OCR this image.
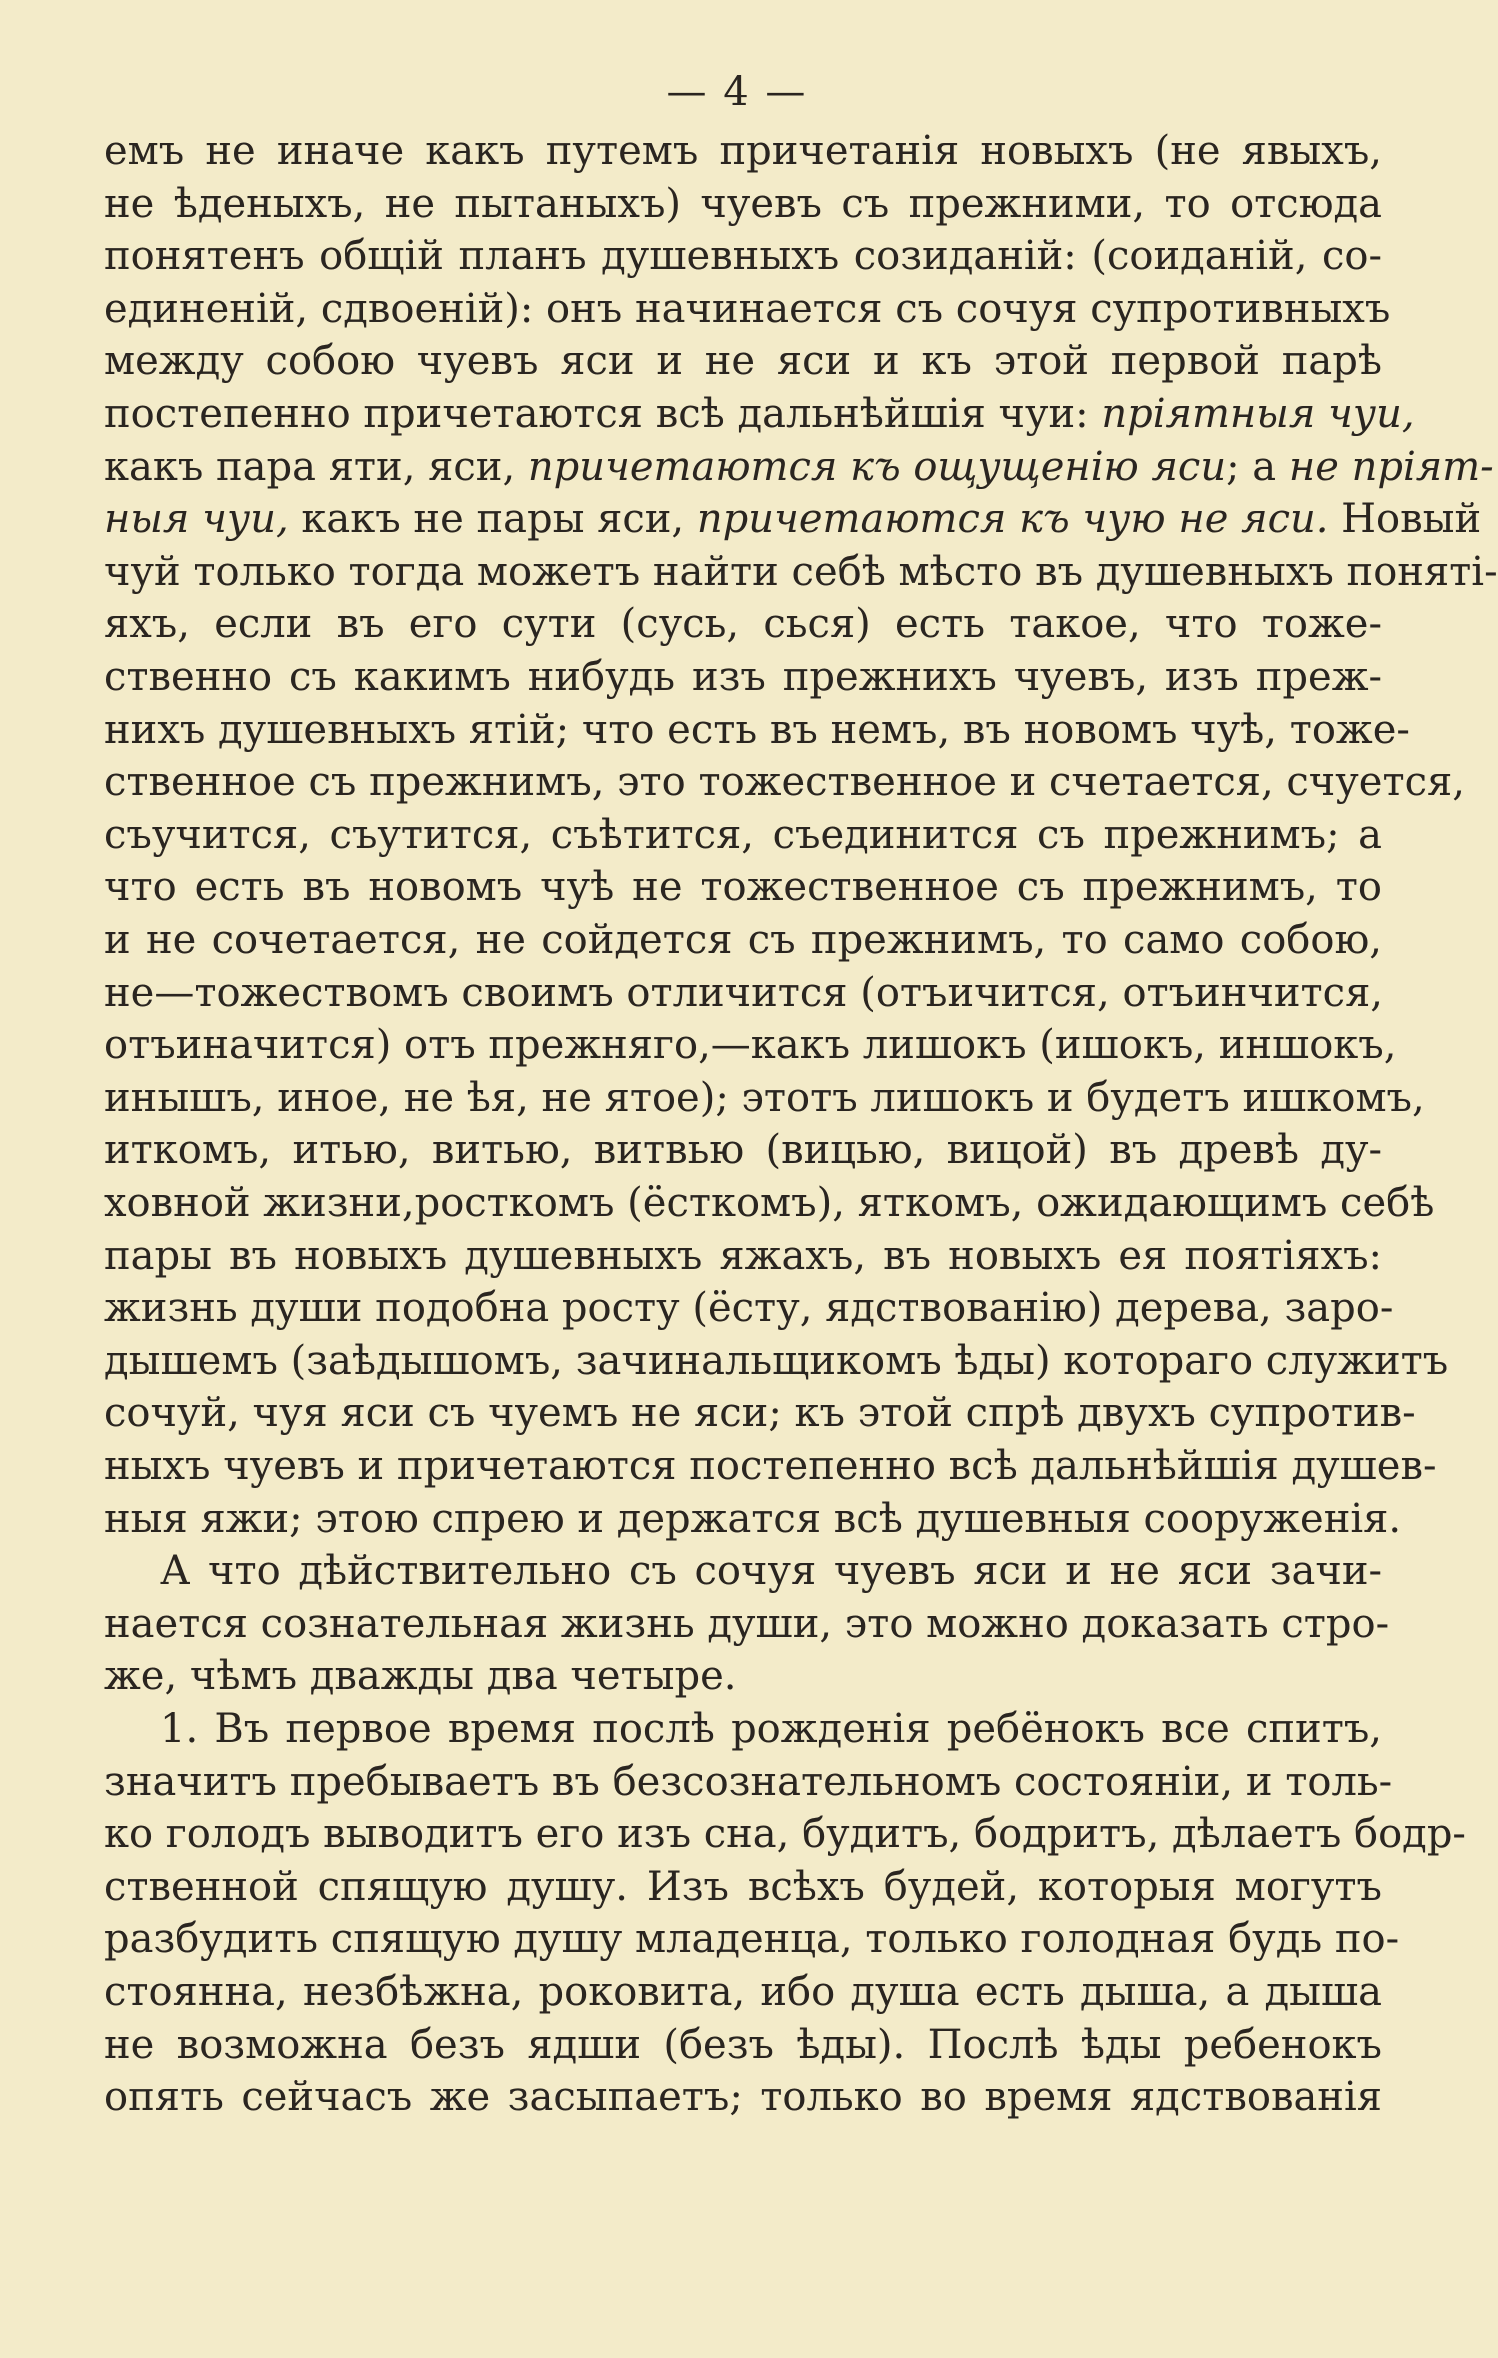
— 4 —
емъ не иначе какъ путемъ причетанія новыхъ (не явыхъ,
не ѣденыхъ, не пытаныхъ) чуевъ съ прежними, то отсюда
понятенъ общій планъ душевныхъ созиданій: (соиданій, со-
единеній, сдвоеній): онъ начинается съ сочуя супротивныхъ
между собою чуевъ яси и не яси и къ этой первой парѣ
постепенно причетаются всѣ дальнѣйшія чуи: пріятныя чуи,
какъ пара яти, яси, причетаются къ ощущенію яси; а не пріят-
ныя чуи, какъ не пары яси, причетаются къ чую не яси. Новый
чуй только тогда можетъ найти себѣ мѣсто въ душевныхъ понятi-
яхъ, если въ его сути (сусь, сься) есть такое, что тоже-
ственно съ какимъ нибудь изъ прежнихъ чуевъ, изъ преж-
нихъ душевныхъ ятій; что есть въ немъ, въ новомъ чуѣ, тоже-
ственное съ прежнимъ, это тожественное и счетается, счуется,
съучится, съутится, съѣтится, съединится съ прежнимъ; а
что есть въ новомъ чуѣ не тожественное съ прежнимъ, то
и не сочетается, не сойдется съ прежнимъ, то само собою,
не—тожествомъ своимъ отличится (отъичится, отъинчится,
отъиначится) отъ прежняго,—какъ лишокъ (ишокъ, иншокъ,
инышъ, иное, не ѣя, не ятое); этотъ лишокъ и будетъ ишкомъ,
иткомъ, итью, витью, витвью (вицью, вицой) въ древѣ ду-
ховной жизни,росткомъ (ёсткомъ), яткомъ, ожидающимъ себѣ
пары въ новыхъ душевныхъ яжахъ, въ новыхъ ея поятiяхъ:
жизнь души подобна росту (ёсту, ядствованію) дерева, заро-
дышемъ (заѣдышомъ, зачинальщикомъ ѣды) котораго служитъ
сочуй, чуя яси съ чуемъ не яси; къ этой спрѣ двухъ супротив-
ныхъ чуевъ и причетаются постепенно всѣ дальнѣйшія душев-
ныя яжи; этою спрею и держатся всѣ душевныя сооруженія.
А что дѣйствительно съ сочуя чуевъ яси и не яси зачи-
нается сознательная жизнь души, это можно доказать стро-
же, чѣмъ дважды два четыре.
1. Въ первое время послѣ рожденія ребёнокъ все спитъ,
значитъ пребываетъ въ безсознательномъ состояніи, и толь-
ко голодъ выводитъ его изъ сна, будитъ, бодритъ, дѣлаетъ бодр-
ственной спящую душу. Изъ всѣхъ будей, которыя могутъ
разбудить спящую душу младенца, только голодная будь по-
стоянна, незбѣжна, роковита, ибо душа есть дыша, а дыша
не возможна безъ ядши (безъ ѣды). Послѣ ѣды ребенокъ
опять сейчасъ же засыпаетъ; только во время ядствованія
